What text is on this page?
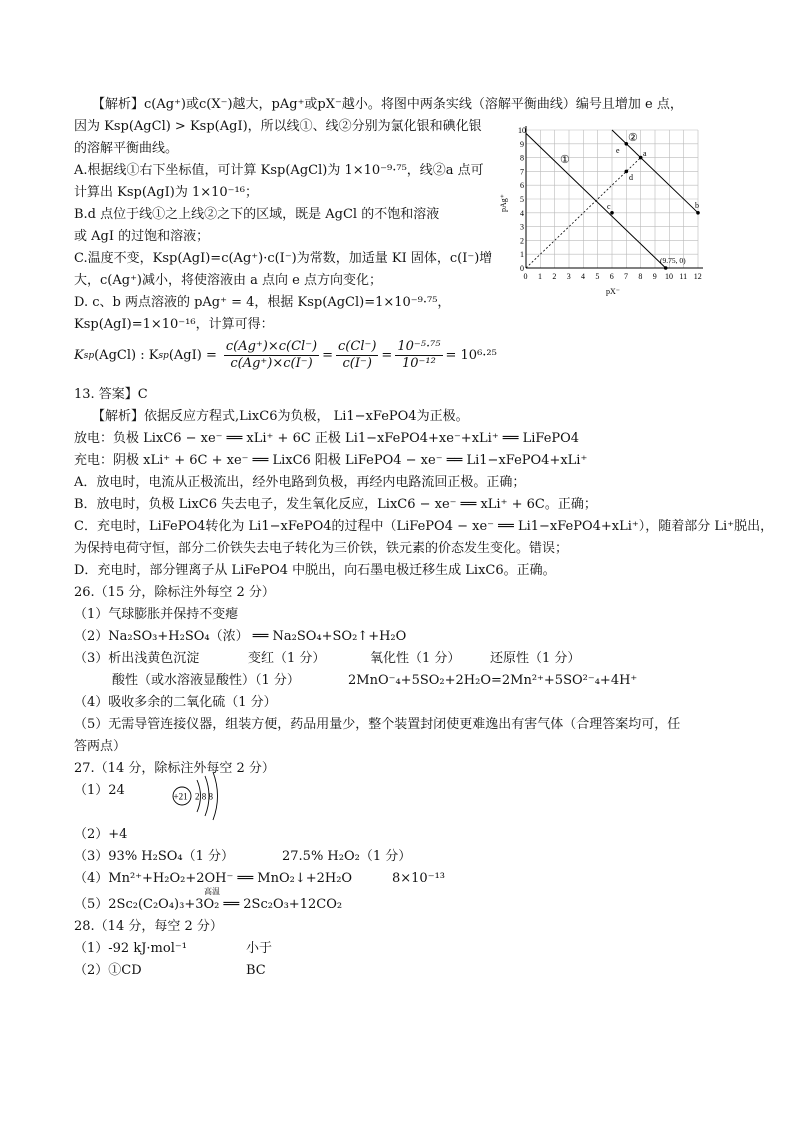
【解析】c(Ag⁺)或c(X⁻)越大，pAg⁺或pX⁻越小。将图中两条实线（溶解平衡曲线）编号且增加 e 点，
因为 Ksp(AgCl) > Ksp(AgI)，所以线①、线②分别为氯化银和碘化银
的溶解平衡曲线。
A.根据线①右下坐标值，可计算 Ksp(AgCl)为 1×10⁻⁹·⁷⁵，线②a 点可
计算出 Ksp(AgI)为 1×10⁻¹⁶；
B.d 点位于线①之上线②之下的区域，既是 AgCl 的不饱和溶液
或 AgI 的过饱和溶液；
C.温度不变，Ksp(AgI)=c(Ag⁺)·c(I⁻)为常数，加适量 KI 固体，c(I⁻)增
大，c(Ag⁺)减小，将使溶液由 a 点向 e 点方向变化；
D. c、b 两点溶液的 pAg⁺ = 4，根据 Ksp(AgCl)=1×10⁻⁹·⁷⁵，
Ksp(AgI)=1×10⁻¹⁶，计算可得：
10
9
8
7
6
5
4
3
2
1
0
0 1 2 3 4 5 6 7 8 9 10 11 12
pX⁻
pAg⁺
①
②
a
e
d
c	b
(9.75, 0)
K sp (AgCl) : K sp $(AgI) = \frac{c(Ag^+)\times c(Cl^-)}{c(Ag^+)\times c(I^-)} = \frac{c(Cl^-)}{c(I^-)} = \frac{\text{10⁻⁵·⁷⁵}}{\text{10⁻¹²}} = 10^6\cdot^{25}$
13. 答案】C
【解析】依据反应方程式,LixC6为负极， Li1−xFePO4为正极。
放电：负极 LixC6 − xe⁻ ══ xLi⁺ + 6C 正极 Li1−xFePO4+xe⁻+xLi⁺ ══ LiFePO4
充电：阴极 xLi⁺ + 6C + xe⁻ ══ LixC6 阳极 LiFePO4 − xe⁻ ══ Li1−xFePO4+xLi⁺
A．放电时，电流从正极流出，经外电路到负极，再经内电路流回正极。正确；
B．放电时，负极 LixC6 失去电子，发生氧化反应，LixC6 − xe⁻ ══ xLi⁺ + 6C。正确；
C．充电时，LiFePO4转化为 Li1−xFePO4的过程中（LiFePO4 − xe⁻ ══ Li1−xFePO4+xLi⁺），随着部分 Li⁺脱出，
为保持电荷守恒，部分二价铁失去电子转化为三价铁，铁元素的价态发生变化。错误；
D．充电时，部分锂离子从 LiFePO4 中脱出，向石墨电极迁移生成 LixC6。正确。
26.（15 分，除标注外每空 2 分）
（1）气球膨胀并保持不变瘪
（2）Na₂SO₃+H₂SO₄（浓） ══ Na₂SO₄+SO₂↑+H₂O
（3）析出浅黄色沉淀	变红（1 分）	氧化性（1 分） 还原性（1 分）
酸性（或水溶液显酸性）（1 分）	2MnO⁻₄+5SO₂+2H₂O=2Mn²⁺+5SO²⁻₄+4H⁺
（4）吸收多余的二氧化硫（1 分）
（5）无需导管连接仪器，组装方便，药品用量少，整个装置封闭使更难逸出有害气体（合理答案均可，任
答两点）
27.（14 分，除标注外每空 2 分）
（1）24	+21 2 8 8
（2）+4
（3）93% H₂SO₄（1 分）	27.5% H₂O₂（1 分）
（4）Mn²⁺+H₂O₂+2OH⁻ ══ MnO₂↓+2H₂O	8×10⁻¹³
（5）2Sc₂(C₂O₄)₃+3O₂ ══ 2Sc₂O₃+12CO₂
高温
28.（14 分，每空 2 分）
（1）-92 kJ·mol⁻¹	小于
（2）①CD	BC
